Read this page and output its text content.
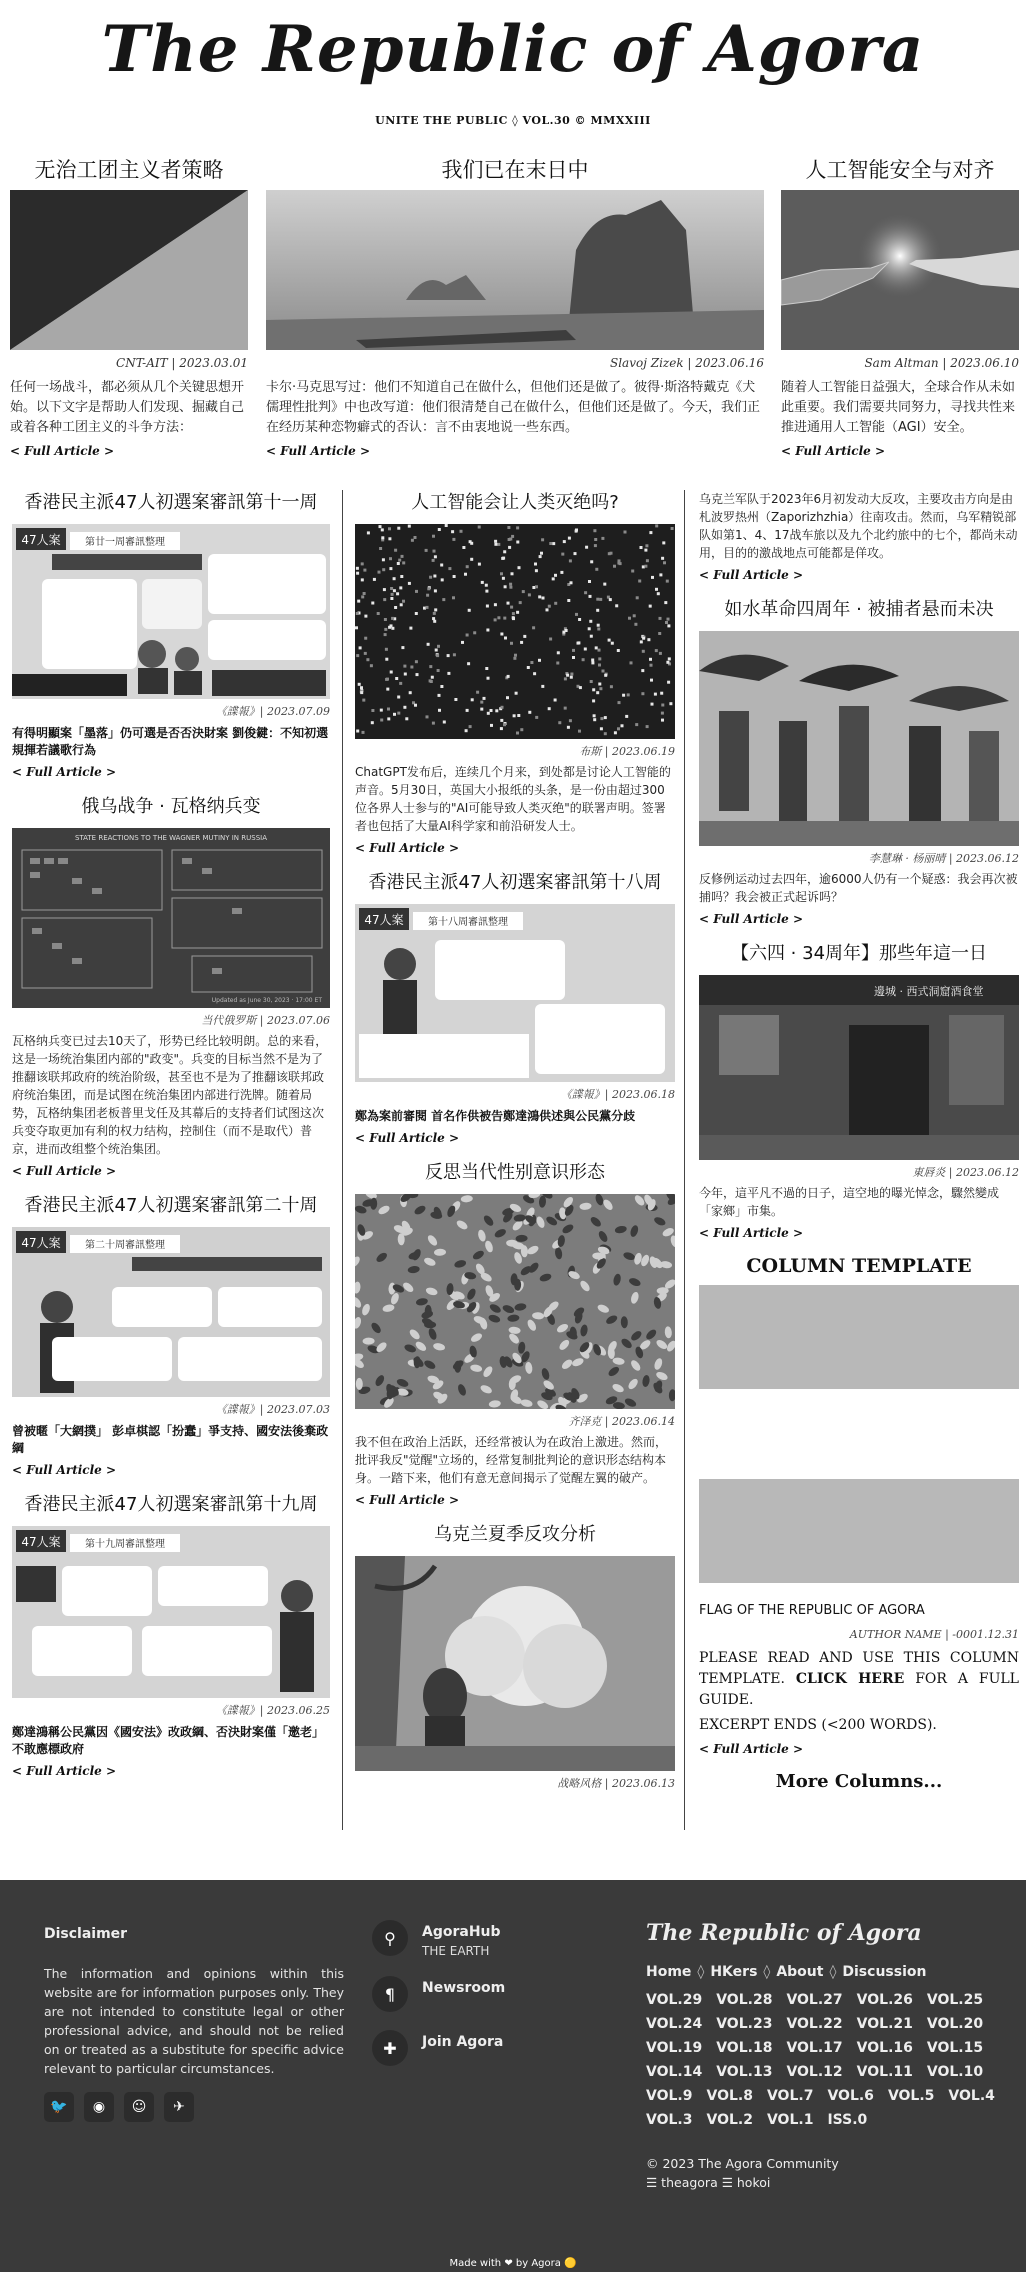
The Republic of Agora
UNITE THE PUBLIC ◊ VOL.30 © MMXXIII
无治工团主义者策略
CNT-AIT | 2023.03.01
任何一场战斗，都必须从几个关键思想开始。以下文字是帮助人们发现、掘藏自己或着各种工团主义的斗争方法：
< Full Article >
我们已在末日中
Slavoj Zizek | 2023.06.16
卡尔·马克思写过：他们不知道自己在做什么，但他们还是做了。彼得·斯洛特戴克《犬儒理性批判》中也改写道：他们很清楚自己在做什么，但他们还是做了。今天，我们正在经历某种恋物癖式的否认：言不由衷地说一些东西。
< Full Article >
人工智能安全与对齐
Sam Altman | 2023.06.10
随着人工智能日益强大，全球合作从未如此重要。我们需要共同努力，寻找共性来推进通用人工智能（AGI）安全。
< Full Article >
香港民主派47人初選案審訊第十一周
47人案 第廿一周審訊整理
《諜報》| 2023.07.09
有得明顯案「墨落」仍可選是否否決財案 劉俊鍵：不知初選規揮若議歌行為
< Full Article >
俄乌战争 · 瓦格纳兵变
STATE REACTIONS TO THE WAGNER MUTINY IN RUSSIA
Updated as June 30, 2023 · 17:00 ET
当代俄罗斯 | 2023.07.06
瓦格纳兵变已过去10天了，形势已经比较明朗。总的来看，这是一场统治集团内部的"政变"。兵变的目标当然不是为了推翻该联邦政府的统治阶级，甚至也不是为了推翻该联邦政府统治集团，而是试图在统治集团内部进行洗牌。随着局势，瓦格纳集团老板普里戈任及其幕后的支持者们试图这次兵变夺取更加有利的权力结构，控制住（而不是取代）普京，进而改组整个统治集团。
< Full Article >
香港民主派47人初選案審訊第二十周
47人案 第二十周審訊整理
《諜報》| 2023.07.03
曾被暱「大網撲」 彭卓棋認「扮蠢」爭支持、國安法後棄政綱
< Full Article >
香港民主派47人初選案審訊第十九周
47人案 第十九周審訊整理
《諜報》| 2023.06.25
鄭達鴻稱公民黨因《國安法》改政綱、否決財案僅「邀老」不敢應標政府
< Full Article >
人工智能会让人类灭绝吗?
布斯 | 2023.06.19
ChatGPT发布后，连续几个月来，到处都是讨论人工智能的声音。5月30日，英国大小报纸的头条，是一份由超过300位各界人士参与的"AI可能导致人类灭绝"的联署声明。签署者也包括了大量AI科学家和前沿研发人士。
< Full Article >
香港民主派47人初選案審訊第十八周
47人案 第十八周審訊整理
《諜報》| 2023.06.18
鄭為案前審閱 首名作供被告鄭達鴻供述與公民黨分歧
< Full Article >
反思当代性别意识形态
齐泽克 | 2023.06.14
我不但在政治上活跃，还经常被认为在政治上激进。然而，批评我反"觉醒"立场的，经常复制批判论的意识形态结构本身。一踏下来，他们有意无意间揭示了觉醒左翼的破产。
< Full Article >
乌克兰夏季反攻分析
战略风格 | 2023.06.13
乌克兰军队于2023年6月初发动大反攻，主要攻击方向是由札波罗热州（Zaporizhzhia）往南攻击。然而，乌军精锐部队如第1、4、17战车旅以及九个北约旅中的七个，都尚未动用，目的的激战地点可能都是佯攻。
< Full Article >
如水革命四周年 · 被捕者悬而未决
李慧琳 · 杨丽晴 | 2023.06.12
反修例运动过去四年，逾6000人仍有一个疑惑：我会再次被捕吗？我会被正式起诉吗？
< Full Article >
【六四 · 34周年】那些年這一日
邊城 · 西式洞窟酒食堂
東唇炎 | 2023.06.12
今年，這平凡不過的日子，這空地的曝光悼念，驟然變成「家鄉」市集。
< Full Article >
COLUMN TEMPLATE
FLAG OF THE REPUBLIC OF AGORA
AUTHOR NAME | -0001.12.31
PLEASE READ AND USE THIS COLUMN TEMPLATE. CLICK HERE FOR A FULL GUIDE.
EXCERPT ENDS (<200 WORDS).
< Full Article >
More Columns...
Disclaimer

The information and opinions within this website are for information purposes only. They are not intended to constitute legal or other professional advice, and should not be relied on or treated as a substitute for specific advice relevant to particular circumstances.

🐦	◉	☺	✈
⚲	AgoraHub
THE EARTH
¶	Newsroom
✚	Join Agora
The Republic of Agora
Home ◊ HKers ◊ About ◊ Discussion
VOL.29 VOL.28 VOL.27 VOL.26 VOL.25
VOL.24 VOL.23 VOL.22 VOL.21 VOL.20
VOL.19 VOL.18 VOL.17 VOL.16 VOL.15
VOL.14 VOL.13 VOL.12 VOL.11 VOL.10
VOL.9 VOL.8 VOL.7 VOL.6 VOL.5 VOL.4
VOL.3 VOL.2 VOL.1 ISS.0
© 2023 The Agora Community
☰ theagora ☰ hokoi
Made with ❤ by Agora 🟡
